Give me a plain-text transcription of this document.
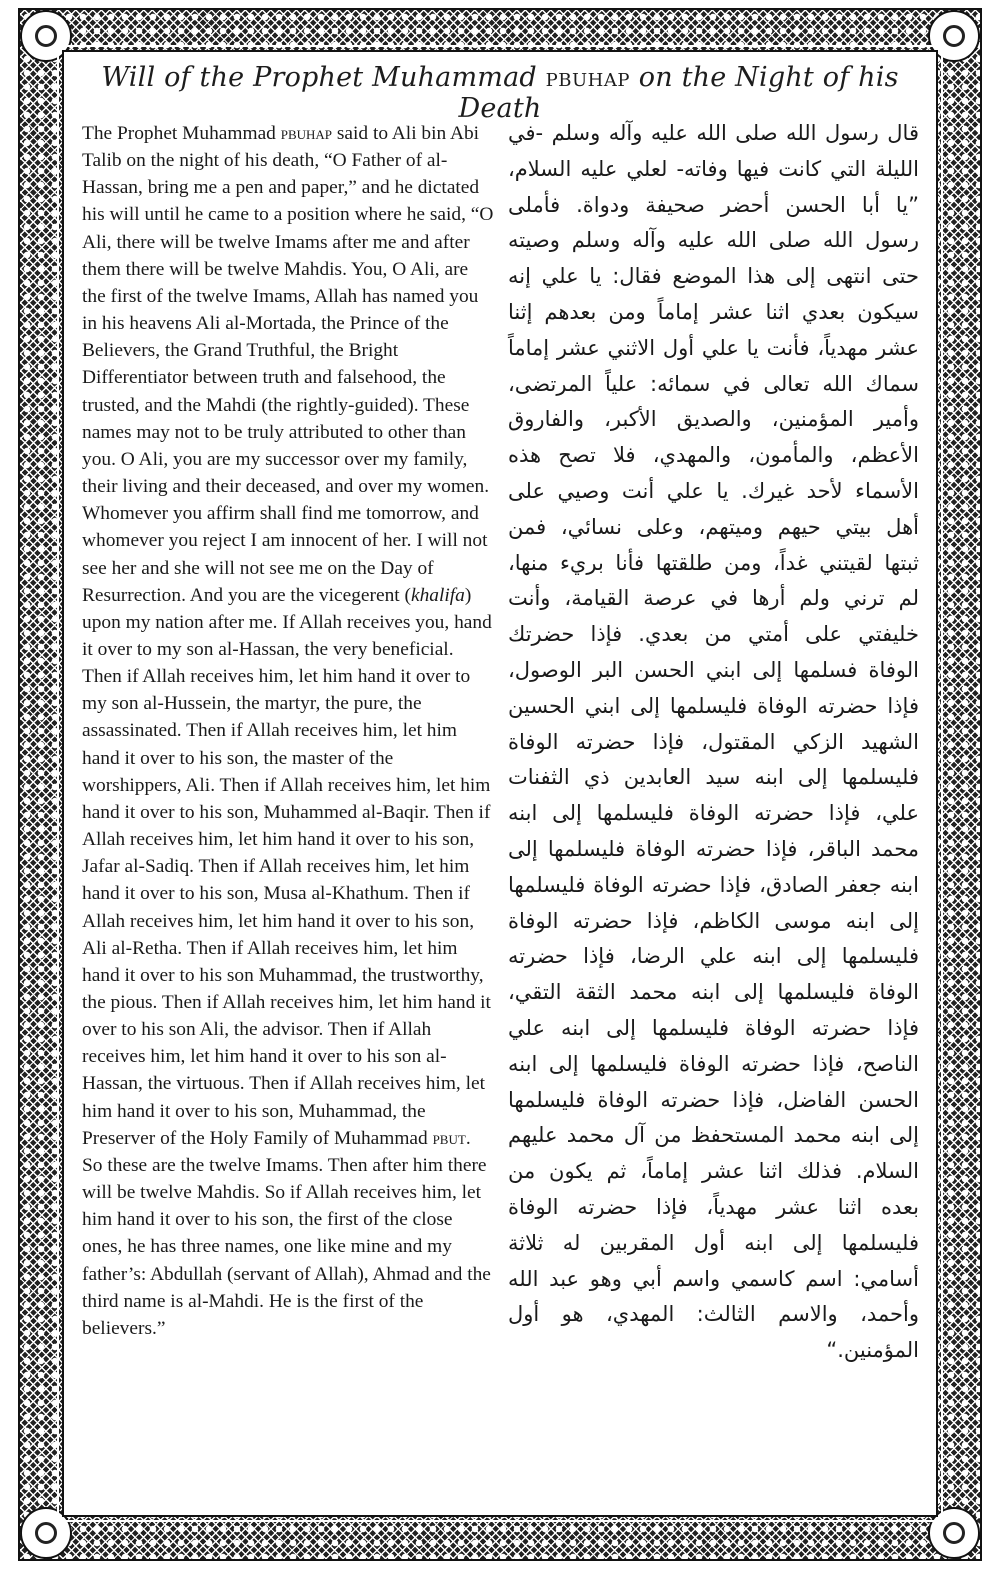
Will of the Prophet Muhammad pbuhap on the Night of his Death

The Prophet Muhammad pbuhap said to Ali bin Abi Talib on the night of his death, “O Father of al-Hassan, bring me a pen and paper,” and he dictated his will until he came to a position where he said, “O Ali, there will be twelve Imams after me and after them there will be twelve Mahdis. You, O Ali, are the first of the twelve Imams, Allah has named you in his heavens Ali al-Mortada, the Prince of the Believers, the Grand Truthful, the Bright Differentiator between truth and falsehood, the trusted, and the Mahdi (the rightly-guided). These names may not to be truly attributed to other than you. O Ali, you are my successor over my family, their living and their deceased, and over my women. Whomever you affirm shall find me tomorrow, and whomever you reject I am innocent of her. I will not see her and she will not see me on the Day of Resurrection. And you are the vicegerent (khalifa) upon my nation after me. If Allah receives you, hand it over to my son al-Hassan, the very beneficial. Then if Allah receives him, let him hand it over to my son al-Hussein, the martyr, the pure, the assassinated. Then if Allah receives him, let him hand it over to his son, the master of the worshippers, Ali. Then if Allah receives him, let him hand it over to his son, Muhammed al-Baqir. Then if Allah receives him, let him hand it over to his son, Jafar al-Sadiq. Then if Allah receives him, let him hand it over to his son, Musa al-Khathum. Then if Allah receives him, let him hand it over to his son, Ali al-Retha. Then if Allah receives him, let him hand it over to his son Muhammad, the trustworthy, the pious. Then if Allah receives him, let him hand it over to his son Ali, the advisor. Then if Allah receives him, let him hand it over to his son al-Hassan, the virtuous. Then if Allah receives him, let him hand it over to his son, Muhammad, the Preserver of the Holy Family of Muhammad pbut. So these are the twelve Imams. Then after him there will be twelve Mahdis. So if Allah receives him, let him hand it over to his son, the first of the close ones, he has three names, one like mine and my father’s: Abdullah (servant of Allah), Ahmad and the third name is al-Mahdi. He is the first of the believers.”

قال رسول الله صلى الله عليه وآله وسلم -في الليلة التي كانت فيها وفاته- لعلي عليه السلام، ”يا أبا الحسن أحضر صحيفة ودواة. فأملى رسول الله صلى الله عليه وآله وسلم وصيته حتى انتهى إلى هذا الموضع فقال: يا علي إنه سيكون بعدي اثنا عشر إماماً ومن بعدهم إثنا عشر مهدياً، فأنت يا علي أول الاثني عشر إماماً سماك الله تعالى في سمائه: علياً المرتضى، وأمير المؤمنين، والصديق الأكبر، والفاروق الأعظم، والمأمون، والمهدي، فلا تصح هذه الأسماء لأحد غيرك. يا علي أنت وصيي على أهل بيتي حيهم وميتهم، وعلى نسائي، فمن ثبتها لقيتني غداً، ومن طلقتها فأنا بريء منها، لم ترني ولم أرها في عرصة القيامة، وأنت خليفتي على أمتي من بعدي. فإذا حضرتك الوفاة فسلمها إلى ابني الحسن البر الوصول، فإذا حضرته الوفاة فليسلمها إلى ابني الحسين الشهيد الزكي المقتول، فإذا حضرته الوفاة فليسلمها إلى ابنه سيد العابدين ذي الثفنات علي، فإذا حضرته الوفاة فليسلمها إلى ابنه محمد الباقر، فإذا حضرته الوفاة فليسلمها إلى ابنه جعفر الصادق، فإذا حضرته الوفاة فليسلمها إلى ابنه موسى الكاظم، فإذا حضرته الوفاة فليسلمها إلى ابنه علي الرضا، فإذا حضرته الوفاة فليسلمها إلى ابنه محمد الثقة التقي، فإذا حضرته الوفاة فليسلمها إلى ابنه علي الناصح، فإذا حضرته الوفاة فليسلمها إلى ابنه الحسن الفاضل، فإذا حضرته الوفاة فليسلمها إلى ابنه محمد المستحفظ من آل محمد عليهم السلام. فذلك اثنا عشر إماماً، ثم يكون من بعده اثنا عشر مهدياً، فإذا حضرته الوفاة فليسلمها إلى ابنه أول المقربين له ثلاثة أسامي: اسم كاسمي واسم أبي وهو عبد الله وأحمد، والاسم الثالث: المهدي، هو أول المؤمنين.“
